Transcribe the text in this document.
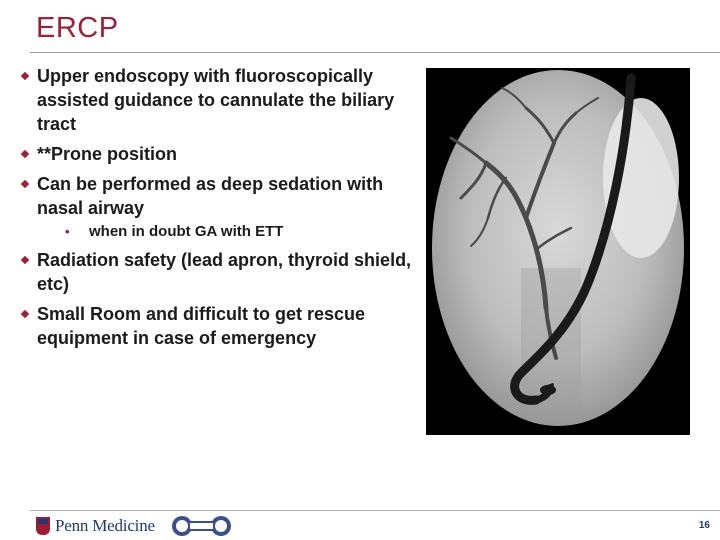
ERCP
Upper endoscopy with fluoroscopically assisted guidance to cannulate the biliary tract
**Prone position
Can be performed as deep sedation with nasal airway
• when in doubt GA with ETT
Radiation safety (lead apron, thyroid shield, etc)
Small Room and difficult to get rescue equipment in case of emergency
Penn Medicine	16
